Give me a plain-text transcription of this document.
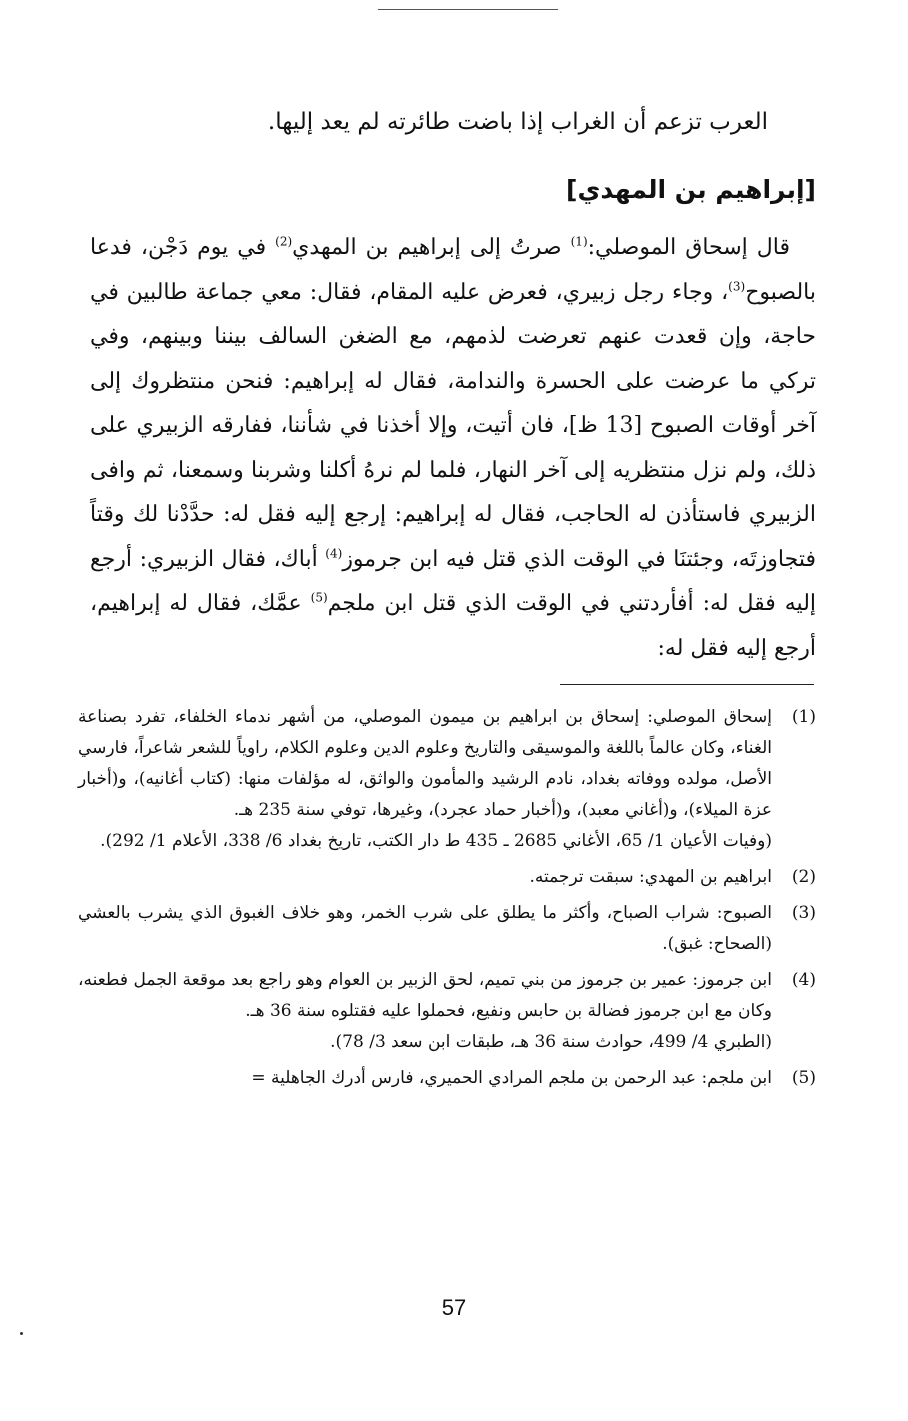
العرب تزعم أن الغراب إذا باضت طائرته لم يعد إليها.
[إبراهيم بن المهدي]
قال إسحاق الموصلي:$^{(1)}$ صرتُ إلى إبراهيم بن المهدي$^{(2)}$ في يوم دَجْن، فدعا بالصبوح$^{(3)}$، وجاء رجل زبيري، فعرض عليه المقام، فقال: معي جماعة طالبين في حاجة، وإن قعدت عنهم تعرضت لذمهم، مع الضغن السالف بيننا وبينهم، وفي تركي ما عرضت على الحسرة والندامة، فقال له إبراهيم: فنحن منتظروك إلى آخر أوقات الصبوح [13 ظ]، فان أتيت، وإلا أخذنا في شأننا، ففارقه الزبيري على ذلك، ولم نزل منتظريه إلى آخر النهار، فلما لم نرهُ أكلنا وشربنا وسمعنا، ثم وافى الزبيري فاستأذن له الحاجب، فقال له إبراهيم: إرجع إليه فقل له: حدَّدْنا لك وقتاً فتجاوزتَه، وجئتنَا في الوقت الذي قتل فيه ابن جرموز$^{(4)}$ أباك، فقال الزبيري: أرجع إليه فقل له: أفأردتني في الوقت الذي قتل ابن ملجم$^{(5)}$ عمَّك، فقال له إبراهيم، أرجع إليه فقل له:
(1)
إسحاق الموصلي: إسحاق بن ابراهيم بن ميمون الموصلي، من أشهر ندماء الخلفاء، تفرد بصناعة الغناء، وكان عالماً باللغة والموسيقى والتاريخ وعلوم الدين وعلوم الكلام، راوياً للشعر شاعراً، فارسي الأصل، مولده ووفاته بغداد، نادم الرشيد والمأمون والواثق، له مؤلفات منها: (كتاب أغانيه)، و(أخبار عزة الميلاء)، و(أغاني معبد)، و(أخبار حماد عجرد)، وغيرها، توفي سنة 235 هـ.
(وفيات الأعيان 1/ 65، الأغاني 2685 ـ 435 ط دار الكتب، تاريخ بغداد 6/ 338، الأعلام 1/ 292).
(2)
ابراهيم بن المهدي: سبقت ترجمته.
(3)
الصبوح: شراب الصباح، وأكثر ما يطلق على شرب الخمر، وهو خلاف الغبوق الذي يشرب بالعشي (الصحاح: غبق).
(4)
ابن جرموز: عمير بن جرموز من بني تميم، لحق الزبير بن العوام وهو راجع بعد موقعة الجمل فطعنه، وكان مع ابن جرموز فضالة بن حابس ونفيع، فحملوا عليه فقتلوه سنة 36 هـ.
(الطبري 4/ 499، حوادث سنة 36 هـ، طبقات ابن سعد 3/ 78).
(5)
ابن ملجم: عبد الرحمن بن ملجم المرادي الحميري، فارس أدرك الجاهلية =
57
